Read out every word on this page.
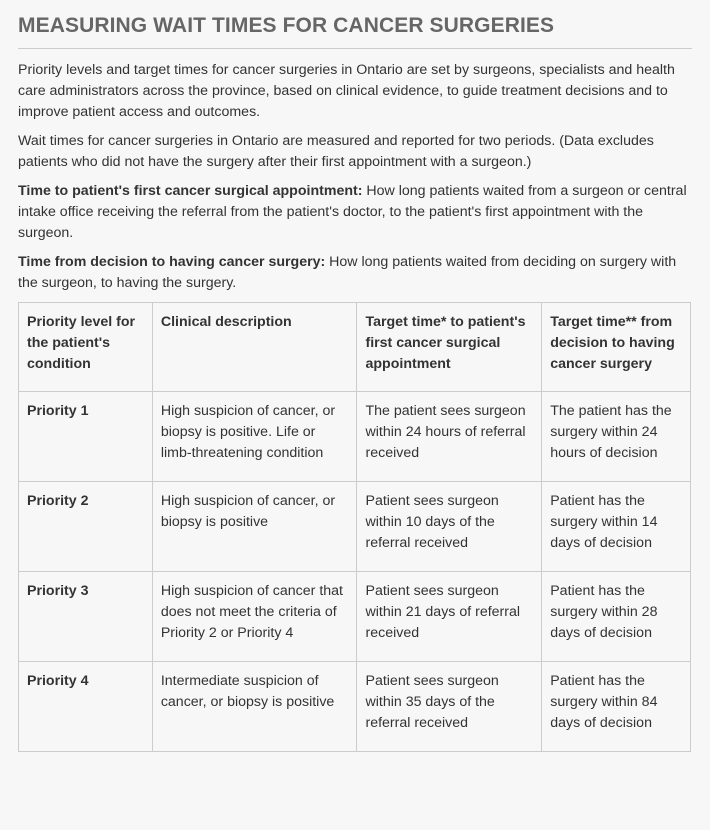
MEASURING WAIT TIMES FOR CANCER SURGERIES

Priority levels and target times for cancer surgeries in Ontario are set by surgeons, specialists and health care administrators across the province, based on clinical evidence, to guide treatment decisions and to improve patient access and outcomes.

Wait times for cancer surgeries in Ontario are measured and reported for two periods. (Data excludes patients who did not have the surgery after their first appointment with a surgeon.)

Time to patient's first cancer surgical appointment: How long patients waited from a surgeon or central intake office receiving the referral from the patient's doctor, to the patient's first appointment with the surgeon.

Time from decision to having cancer surgery: How long patients waited from deciding on surgery with the surgeon, to having the surgery.

Priority level for the patient's condition	Clinical description	Target time* to patient's first cancer surgical appointment	Target time** from decision to having cancer surgery
Priority 1	High suspicion of cancer, or biopsy is positive. Life or limb-threatening condition	The patient sees surgeon within 24 hours of referral received	The patient has the surgery within 24 hours of decision
Priority 2	High suspicion of cancer, or biopsy is positive	Patient sees surgeon within 10 days of the referral received	Patient has the surgery within 14 days of decision
Priority 3	High suspicion of cancer that does not meet the criteria of Priority 2 or Priority 4	Patient sees surgeon within 21 days of referral received	Patient has the surgery within 28 days of decision
Priority 4	Intermediate suspicion of cancer, or biopsy is positive	Patient sees surgeon within 35 days of the referral received	Patient has the surgery within 84 days of decision
